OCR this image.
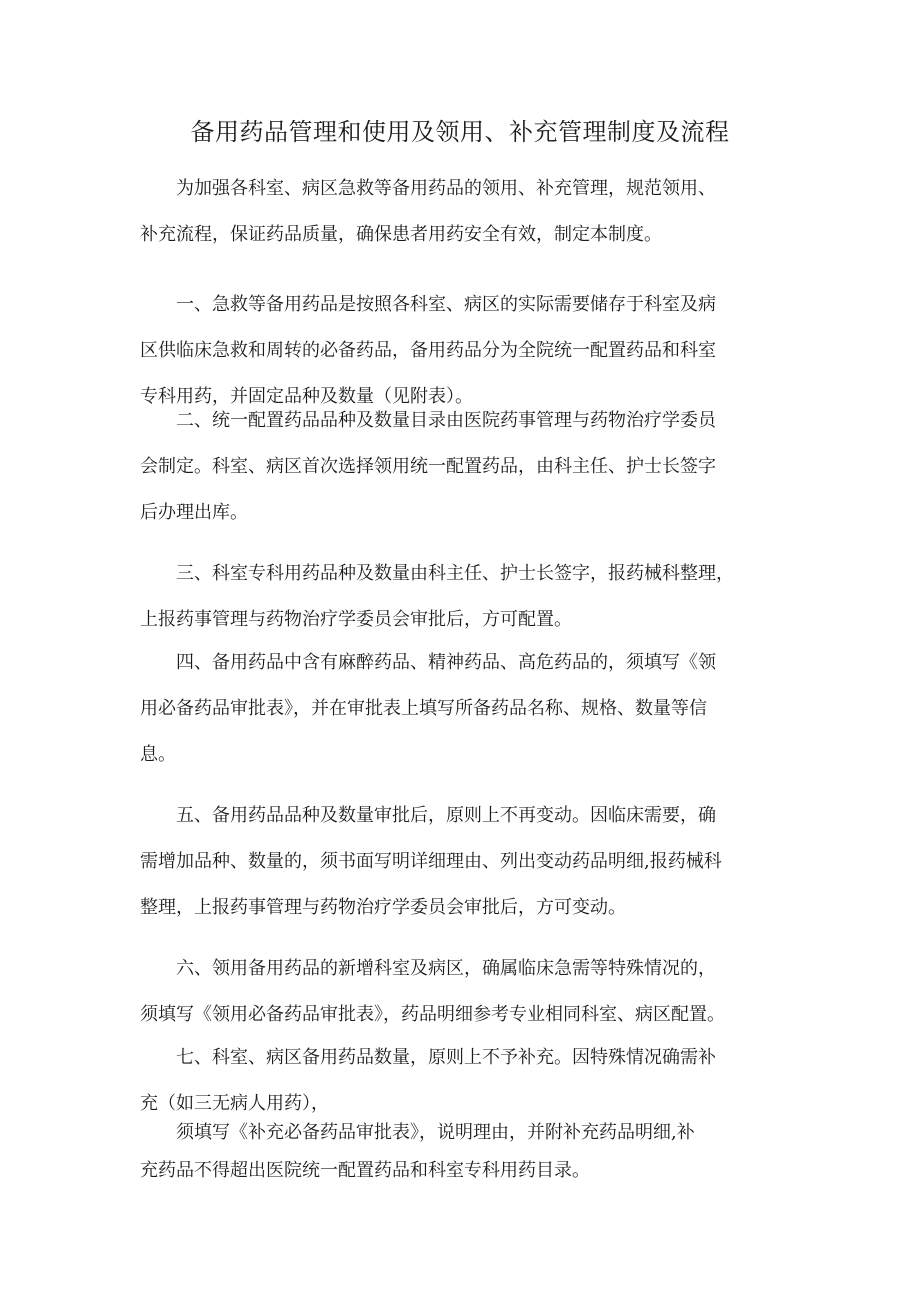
备用药品管理和使用及领用、补充管理制度及流程
为加强各科室、病区急救等备用药品的领用、补充管理，规范领用、
补充流程，保证药品质量，确保患者用药安全有效，制定本制度。
一、急救等备用药品是按照各科室、病区的实际需要储存于科室及病
区供临床急救和周转的必备药品，备用药品分为全院统一配置药品和科室
专科用药，并固定品种及数量（见附表）。
二、统一配置药品品种及数量目录由医院药事管理与药物治疗学委员
会制定。科室、病区首次选择领用统一配置药品，由科主任、护士长签字
后办理出库。
三、科室专科用药品种及数量由科主任、护士长签字，报药械科整理，
上报药事管理与药物治疗学委员会审批后，方可配置。
四、备用药品中含有麻醉药品、精神药品、高危药品的，须填写《领
用必备药品审批表》，并在审批表上填写所备药品名称、规格、数量等信
息。
五、备用药品品种及数量审批后，原则上不再变动。因临床需要，确
需增加品种、数量的，须书面写明详细理由、列出变动药品明细,报药械科
整理，上报药事管理与药物治疗学委员会审批后，方可变动。
六、领用备用药品的新增科室及病区，确属临床急需等特殊情况的，
须填写《领用必备药品审批表》，药品明细参考专业相同科室、病区配置。
七、科室、病区备用药品数量，原则上不予补充。因特殊情况确需补
充（如三无病人用药），
须填写《补充必备药品审批表》，说明理由，并附补充药品明细,补
充药品不得超出医院统一配置药品和科室专科用药目录。
